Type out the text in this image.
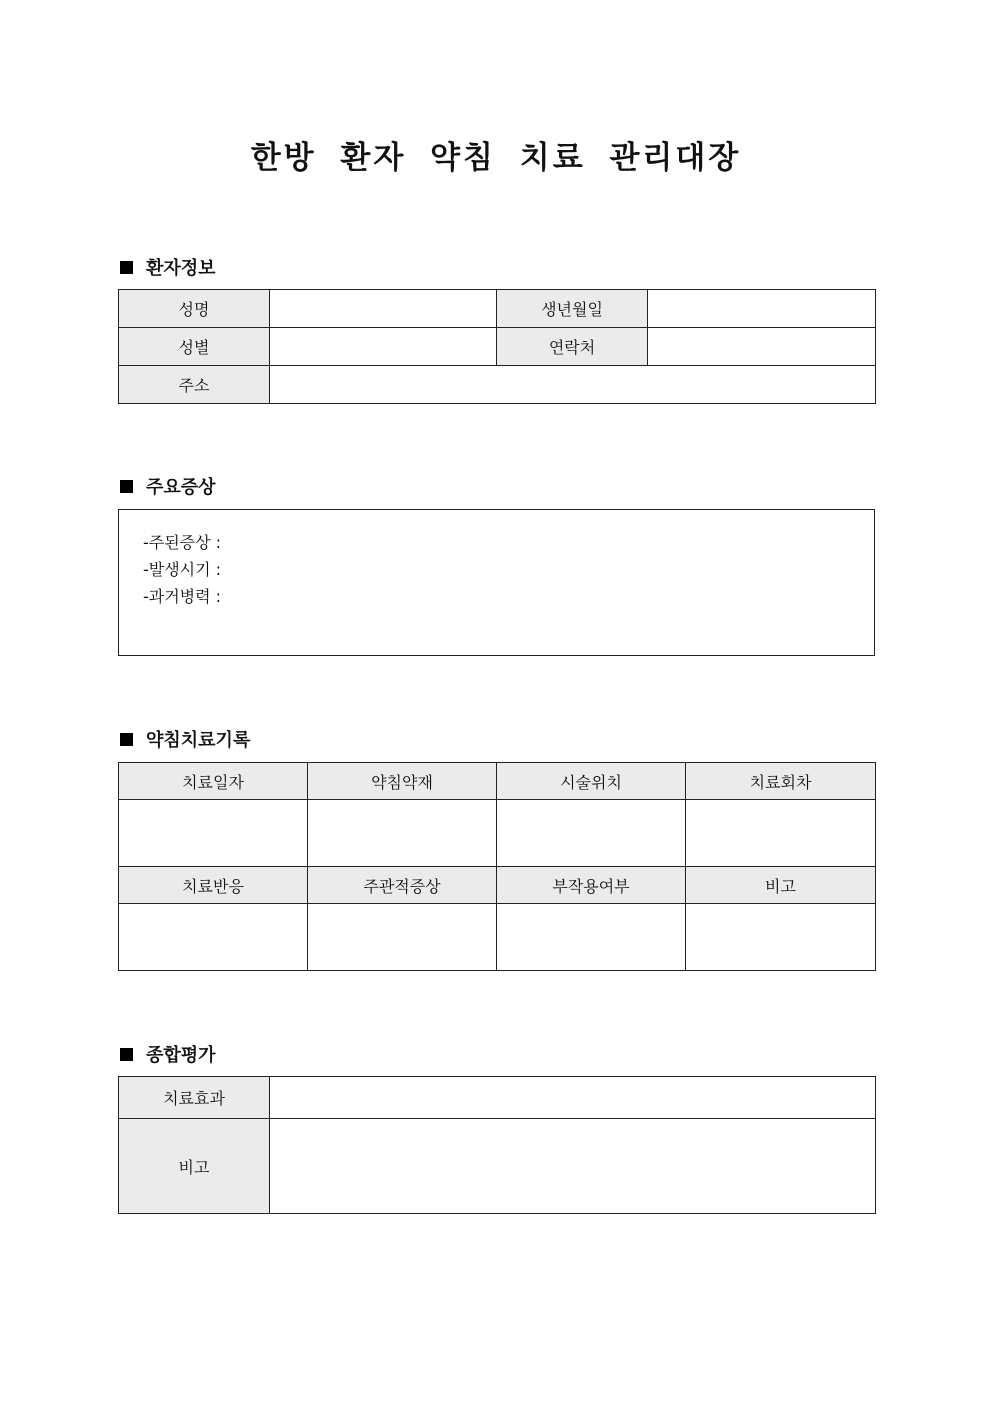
한방 환자 약침 치료 관리대장
환자정보
성명		생년월일	
성별		연락처	
주소			
주요증상
-주된증상 :
-발생시기 :
-과거병력 :
약침치료기록
치료일자	약침약재	시술위치	치료회차

치료반응	주관적증상	부작용여부	비고

종합평가
치료효과	
비고	
